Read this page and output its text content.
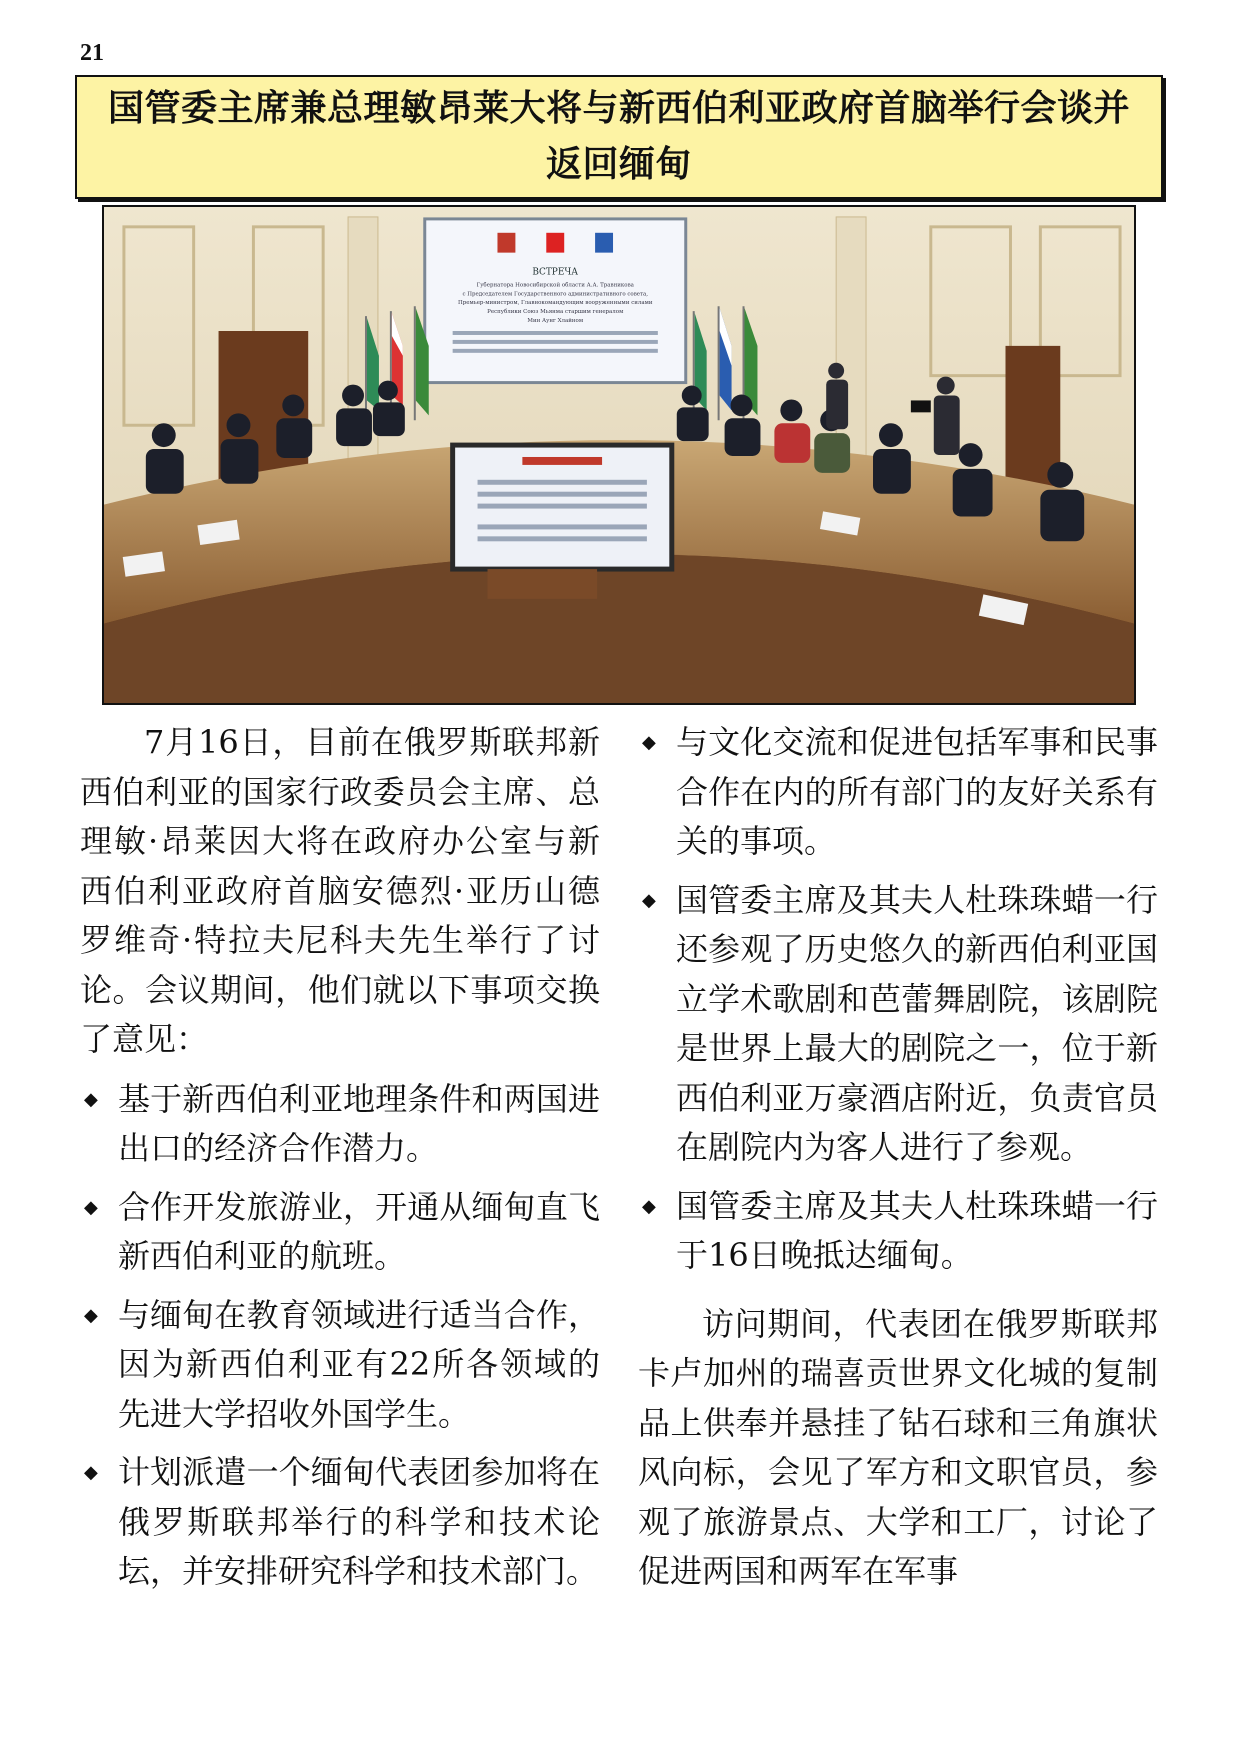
21
国管委主席兼总理敏昂莱大将与新西伯利亚政府首脑举行会谈并返回缅甸
ВСТРЕЧА
Губернатора Новосибирской области А.А. Травникова
с Председателем Государственного административного совета,
Премьер-министром, Главнокомандующим вооруженными силами
Республики Союз Мьянма старшим генералом
Мин Аунг Хлайном

7月16日，目前在俄罗斯联邦新西伯利亚的国家行政委员会主席、总理敏·昂莱因大将在政府办公室与新西伯利亚政府首脑安德烈·亚历山德罗维奇·特拉夫尼科夫先生举行了讨论。会议期间，他们就以下事项交换了意见：

◆ 基于新西伯利亚地理条件和两国进出口的经济合作潜力。
◆ 合作开发旅游业，开通从缅甸直飞新西伯利亚的航班。
◆ 与缅甸在教育领域进行适当合作，因为新西伯利亚有22所各领域的先进大学招收外国学生。
◆ 计划派遣一个缅甸代表团参加将在俄罗斯联邦举行的科学和技术论坛，并安排研究科学和技术部门。
◆ 与文化交流和促进包括军事和民事合作在内的所有部门的友好关系有关的事项。
◆ 国管委主席及其夫人杜珠珠蜡一行还参观了历史悠久的新西伯利亚国立学术歌剧和芭蕾舞剧院，该剧院是世界上最大的剧院之一，位于新西伯利亚万豪酒店附近，负责官员在剧院内为客人进行了参观。
◆ 国管委主席及其夫人杜珠珠蜡一行于16日晚抵达缅甸。

访问期间，代表团在俄罗斯联邦卡卢加州的瑞喜贡世界文化城的复制品上供奉并悬挂了钻石球和三角旗状风向标，会见了军方和文职官员，参观了旅游景点、大学和工厂，讨论了促进两国和两军在军事
